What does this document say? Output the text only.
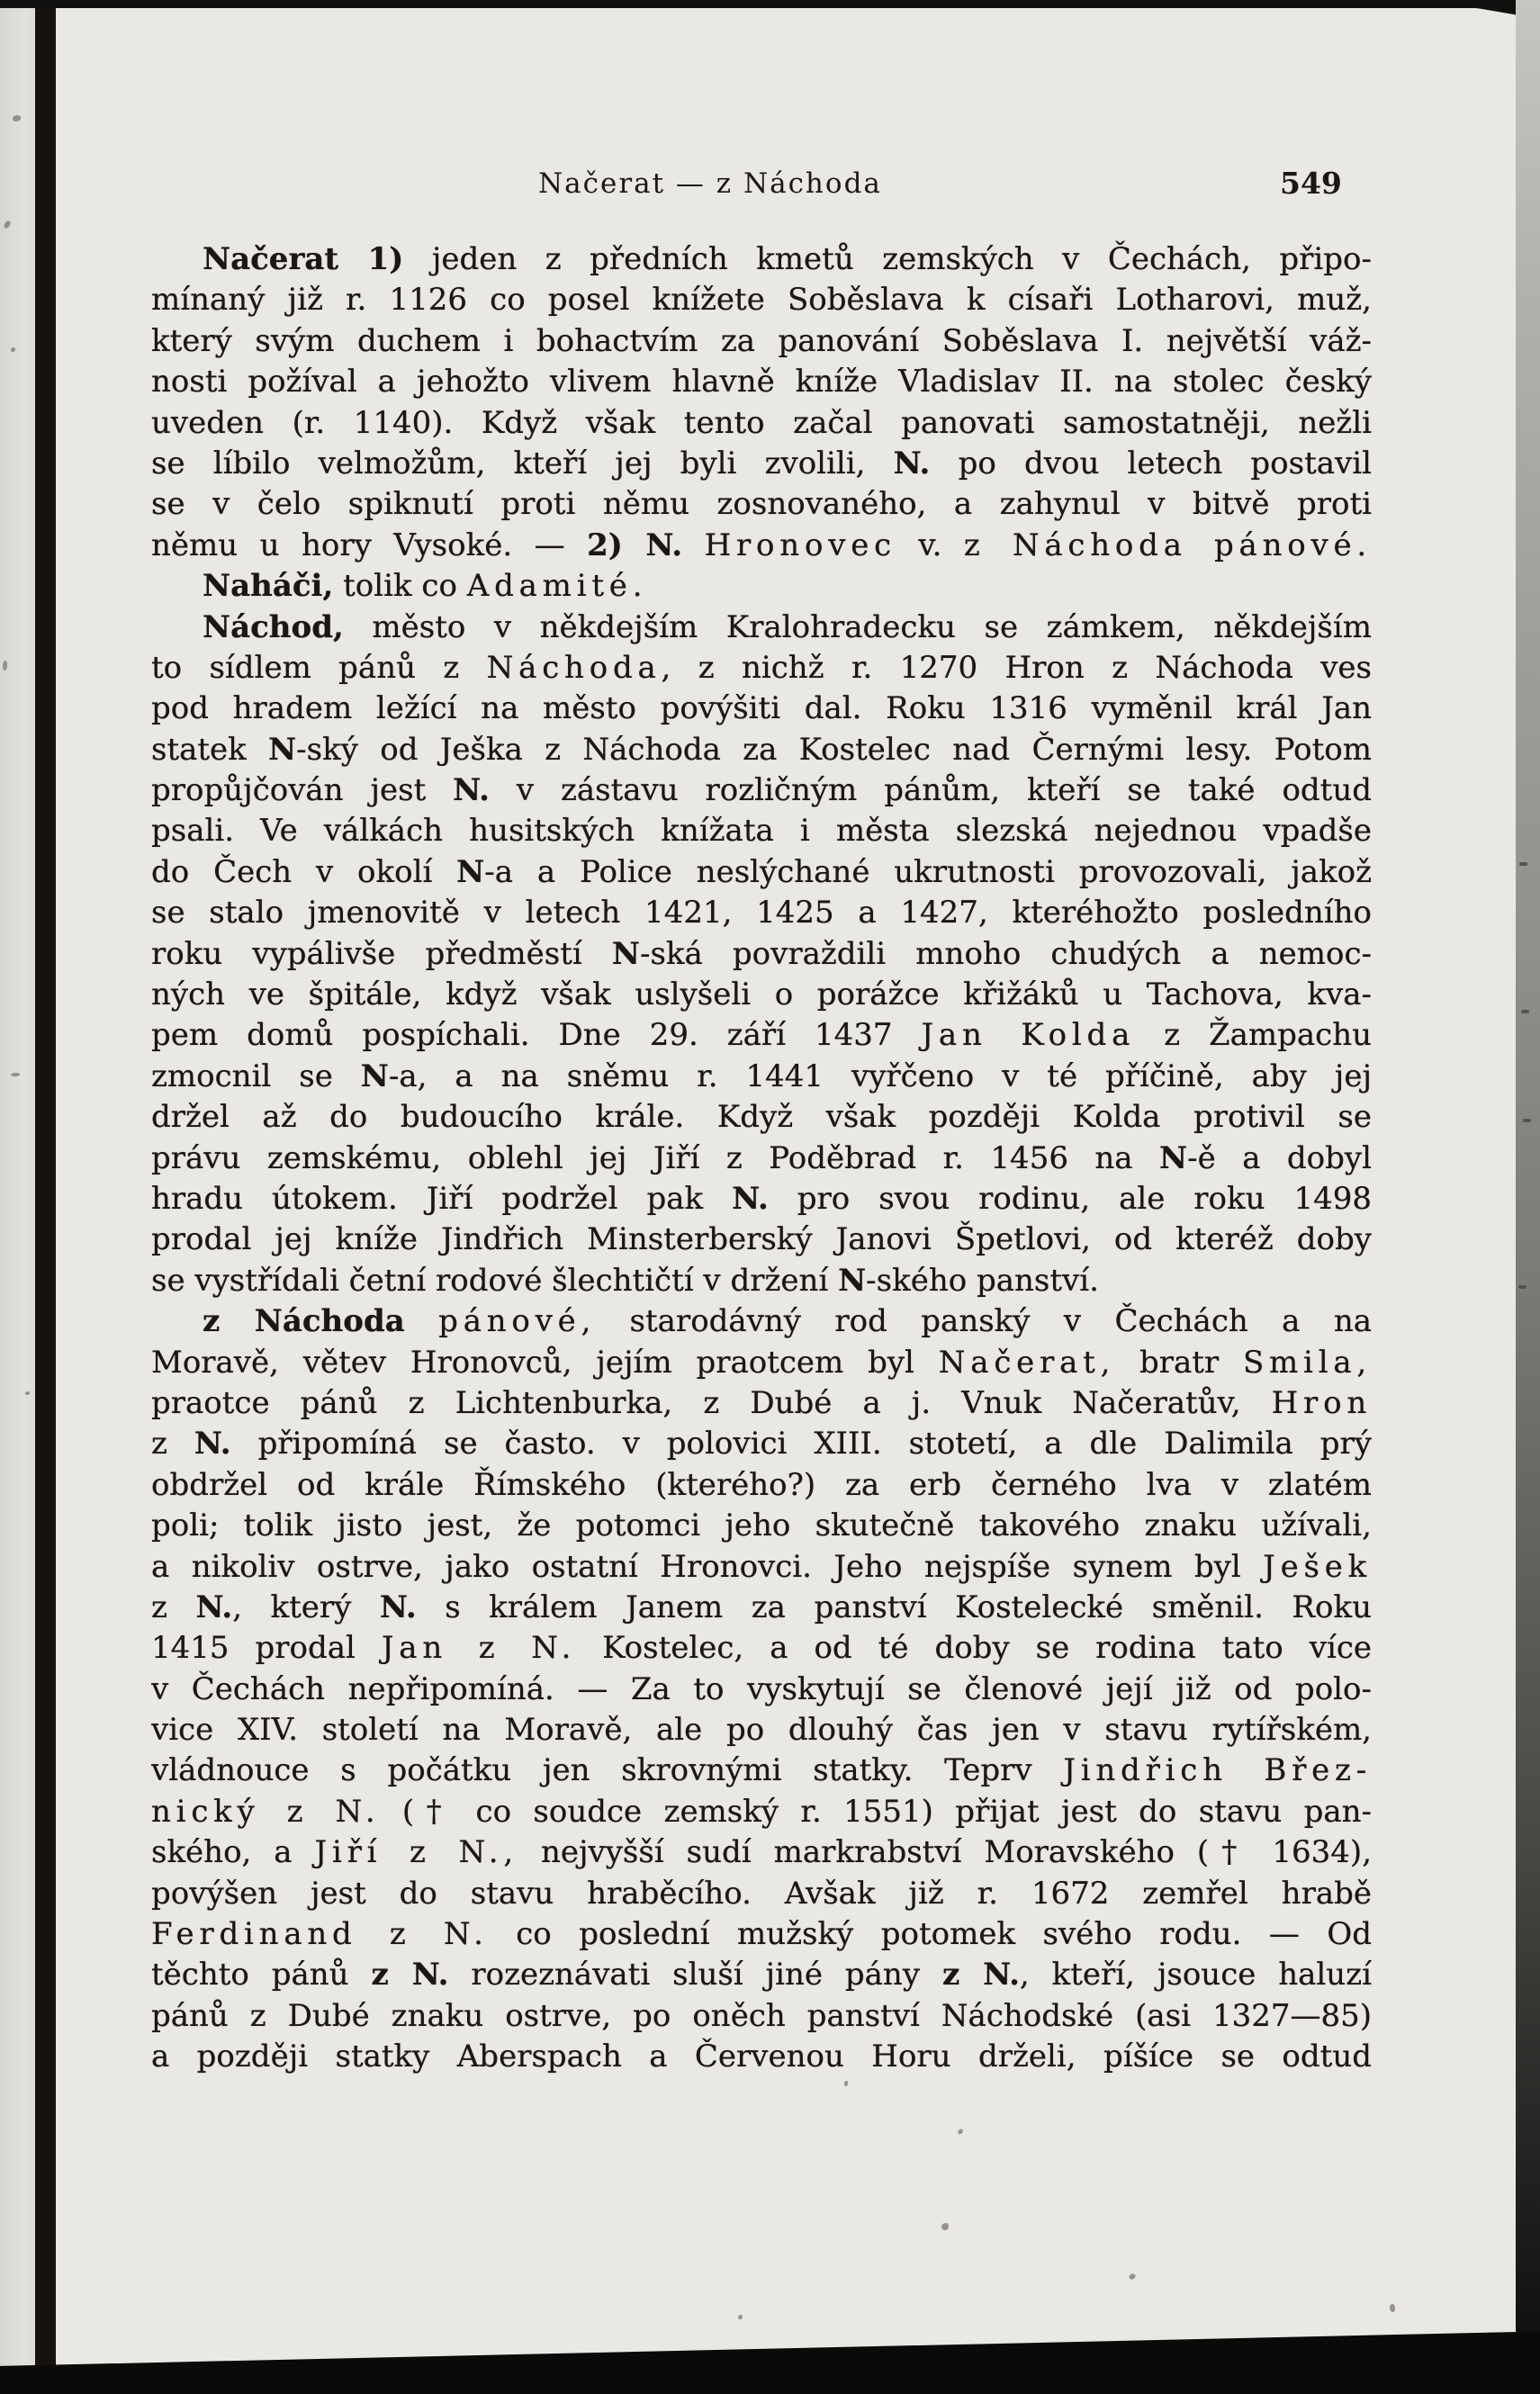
Načerat — z Náchoda	549
Načerat 1) jeden z předních kmetů zemských v Čechách, připo-
mínaný již r. 1126 co posel knížete Soběslava k císaři Lotharovi, muž,
který svým duchem i bohactvím za panování Soběslava I. největší váž-
nosti požíval a jehožto vlivem hlavně kníže Vladislav II. na stolec český
uveden (r. 1140). Když však tento začal panovati samostatněji, nežli
se líbilo velmožům, kteří jej byli zvolili, N. po dvou letech postavil
se v čelo spiknutí proti němu zosnovaného, a zahynul v bitvě proti
němu u hory Vysoké. — 2) N. Hronovec v. z Náchoda pánové.
Naháči, tolik co Adamité.
Náchod, město v někdejším Kralohradecku se zámkem, někdejším
to sídlem pánů z Náchoda, z nichž r. 1270 Hron z Náchoda ves
pod hradem ležící na město povýšiti dal. Roku 1316 vyměnil král Jan
statek N-ský od Ješka z Náchoda za Kostelec nad Černými lesy. Potom
propůjčován jest N. v zástavu rozličným pánům, kteří se také odtud
psali. Ve válkách husitských knížata i města slezská nejednou vpadše
do Čech v okolí N-a a Police neslýchané ukrutnosti provozovali, jakož
se stalo jmenovitě v letech 1421, 1425 a 1427, kteréhožto posledního
roku vypálivše předměstí N-ská povraždili mnoho chudých a nemoc-
ných ve špitále, když však uslyšeli o porážce křižáků u Tachova, kva-
pem domů pospíchali. Dne 29. září 1437 Jan Kolda z Žampachu
zmocnil se N-a, a na sněmu r. 1441 vyřčeno v té příčině, aby jej
držel až do budoucího krále. Když však později Kolda protivil se
právu zemskému, oblehl jej Jiří z Poděbrad r. 1456 na N-ě a dobyl
hradu útokem. Jiří podržel pak N. pro svou rodinu, ale roku 1498
prodal jej kníže Jindřich Minsterberský Janovi Špetlovi, od kteréž doby
se vystřídali četní rodové šlechtičtí v držení N-ského panství.
z Náchoda pánové, starodávný rod panský v Čechách a na
Moravě, větev Hronovců, jejím praotcem byl Načerat, bratr Smila,
praotce pánů z Lichtenburka, z Dubé a j. Vnuk Načeratův, Hron
z N. připomíná se často. v polovici XIII. stotetí, a dle Dalimila prý
obdržel od krále Římského (kterého?) za erb černého lva v zlatém
poli; tolik jisto jest, že potomci jeho skutečně takového znaku užívali,
a nikoliv ostrve, jako ostatní Hronovci. Jeho nejspíše synem byl Ješek
z N., který N. s králem Janem za panství Kostelecké směnil. Roku
1415 prodal Jan z N. Kostelec, a od té doby se rodina tato více
v Čechách nepřipomíná. — Za to vyskytují se členové její již od polo-
vice XIV. století na Moravě, ale po dlouhý čas jen v stavu rytířském,
vládnouce s počátku jen skrovnými statky. Teprv Jindřich Břez-
nický z N. († co soudce zemský r. 1551) přijat jest do stavu pan-
ského, a Jiří z N., nejvyšší sudí markrabství Moravského († 1634),
povýšen jest do stavu hraběcího. Avšak již r. 1672 zemřel hrabě
Ferdinand z N. co poslední mužský potomek svého rodu. — Od
těchto pánů z N. rozeznávati sluší jiné pány z N., kteří, jsouce haluzí
pánů z Dubé znaku ostrve, po oněch panství Náchodské (asi 1327—85)
a později statky Aberspach a Červenou Horu drželi, píšíce se odtud
